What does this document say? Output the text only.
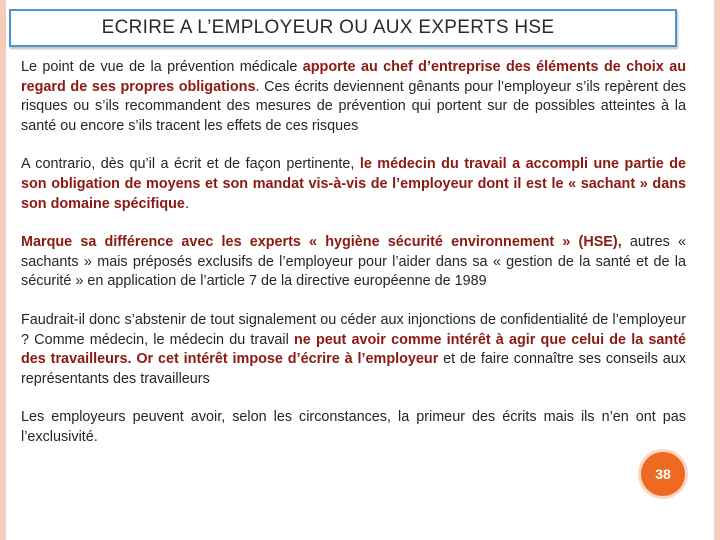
ECRIRE A L’EMPLOYEUR OU AUX EXPERTS HSE

Le point de vue de la prévention médicale apporte au chef d’entreprise des éléments de choix au regard de ses propres obligations. Ces écrits deviennent gênants pour l’employeur s’ils repèrent des risques ou s’ils recommandent des mesures de prévention qui portent sur de possibles atteintes à la santé ou encore s’ils tracent les effets de ces risques

A contrario, dès qu’il a écrit et de façon pertinente, le médecin du travail a accompli une partie de son obligation de moyens et son mandat vis-à-vis de l’employeur dont il est le « sachant » dans son domaine spécifique.

Marque sa différence avec les experts « hygiène sécurité environnement » (HSE), autres « sachants » mais préposés exclusifs de l’employeur pour l’aider dans sa « gestion de la santé et de la sécurité » en application de l’article 7 de la directive européenne de 1989

Faudrait-il donc s’abstenir de tout signalement ou céder aux injonctions de confidentialité de l’employeur ? Comme médecin, le médecin du travail ne peut avoir comme intérêt à agir que celui de la santé des travailleurs. Or cet intérêt impose d’écrire à l’employeur et de faire connaître ses conseils aux représentants des travailleurs

Les employeurs peuvent avoir, selon les circonstances, la primeur des écrits mais ils n’en ont pas l’exclusivité.

38
